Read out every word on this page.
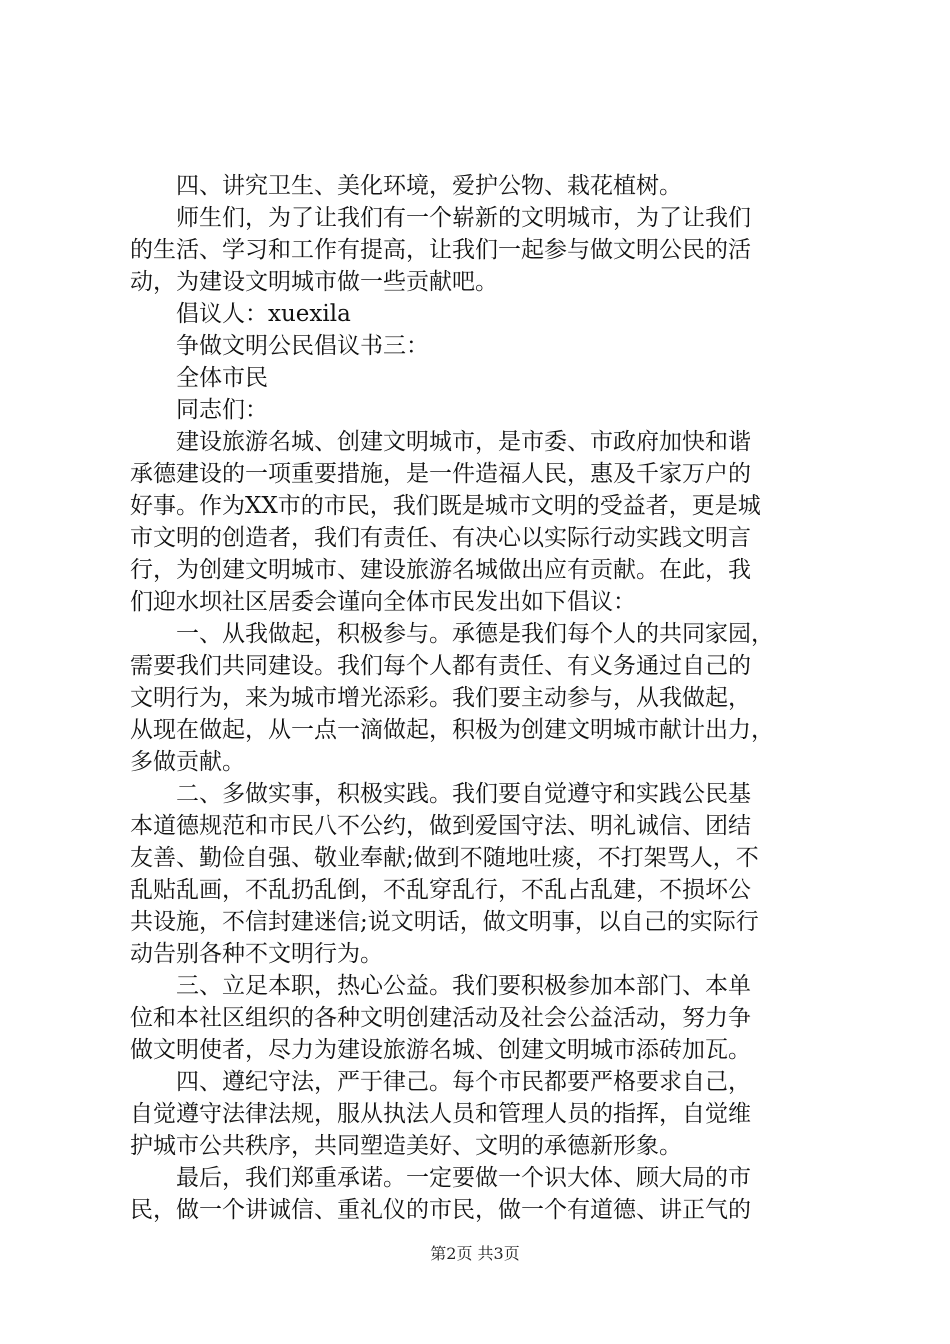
　　四、讲究卫生、美化环境，爱护公物、栽花植树。
　　师生们，为了让我们有一个崭新的文明城市，为了让我们
的生活、学习和工作有提高，让我们一起参与做文明公民的活
动，为建设文明城市做一些贡献吧。
　　倡议人：xuexila
　　争做文明公民倡议书三：
　　全体市民
　　同志们：
　　建设旅游名城、创建文明城市，是市委、市政府加快和谐
承德建设的一项重要措施，是一件造福人民，惠及千家万户的
好事。作为XX市的市民，我们既是城市文明的受益者，更是城
市文明的创造者，我们有责任、有决心以实际行动实践文明言
行，为创建文明城市、建设旅游名城做出应有贡献。在此，我
们迎水坝社区居委会谨向全体市民发出如下倡议：
　　一、从我做起，积极参与。承德是我们每个人的共同家园，
需要我们共同建设。我们每个人都有责任、有义务通过自己的
文明行为，来为城市增光添彩。我们要主动参与，从我做起，
从现在做起，从一点一滴做起，积极为创建文明城市献计出力，
多做贡献。
　　二、多做实事，积极实践。我们要自觉遵守和实践公民基
本道德规范和市民八不公约，做到爱国守法、明礼诚信、团结
友善、勤俭自强、敬业奉献;做到不随地吐痰，不打架骂人，不
乱贴乱画，不乱扔乱倒，不乱穿乱行，不乱占乱建，不损坏公
共设施，不信封建迷信;说文明话，做文明事，以自己的实际行
动告别各种不文明行为。
　　三、立足本职，热心公益。我们要积极参加本部门、本单
位和本社区组织的各种文明创建活动及社会公益活动，努力争
做文明使者，尽力为建设旅游名城、创建文明城市添砖加瓦。
　　四、遵纪守法，严于律己。每个市民都要严格要求自己，
自觉遵守法律法规，服从执法人员和管理人员的指挥，自觉维
护城市公共秩序，共同塑造美好、文明的承德新形象。
　　最后，我们郑重承诺。一定要做一个识大体、顾大局的市
民，做一个讲诚信、重礼仪的市民，做一个有道德、讲正气的
第2页 共3页
